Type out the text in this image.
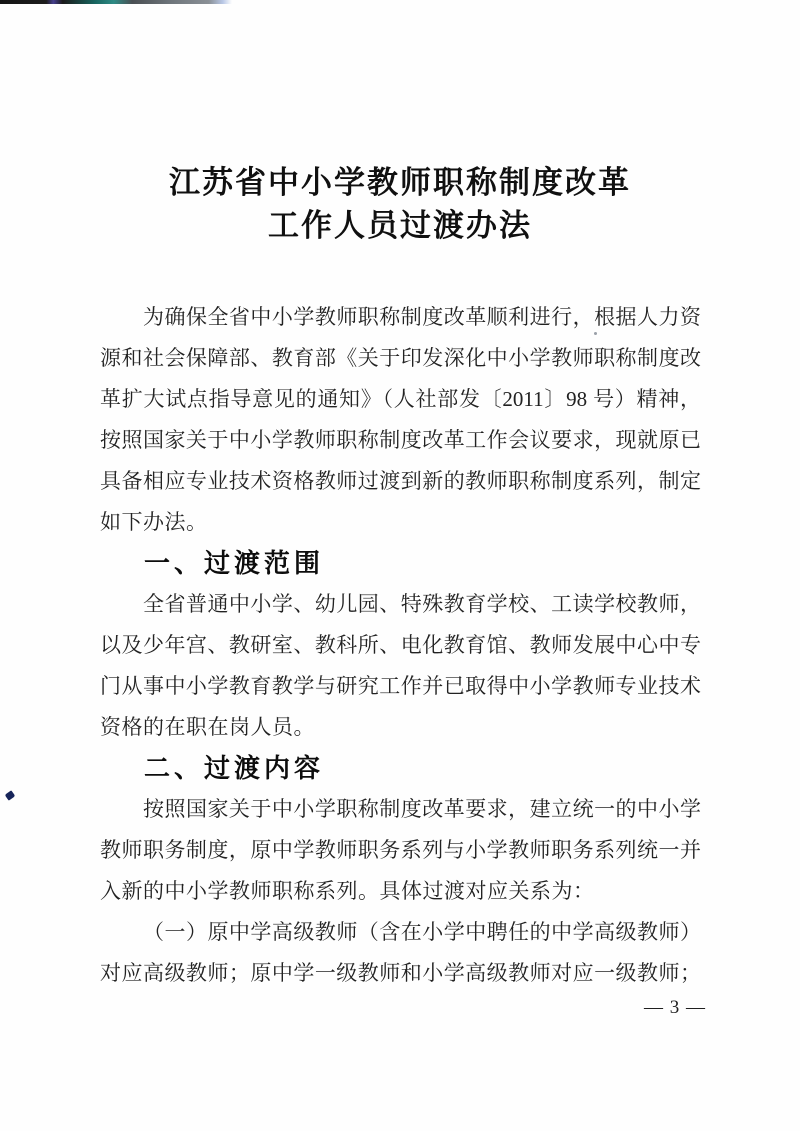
江苏省中小学教师职称制度改革
工作人员过渡办法
为确保全省中小学教师职称制度改革顺利进行，根据人力资
源和社会保障部、教育部《关于印发深化中小学教师职称制度改
革扩大试点指导意见的通知》（人社部发〔2011〕98 号）精神，
按照国家关于中小学教师职称制度改革工作会议要求，现就原已
具备相应专业技术资格教师过渡到新的教师职称制度系列，制定
如下办法。
一、过渡范围
全省普通中小学、幼儿园、特殊教育学校、工读学校教师，
以及少年宫、教研室、教科所、电化教育馆、教师发展中心中专
门从事中小学教育教学与研究工作并已取得中小学教师专业技术
资格的在职在岗人员。
二、过渡内容
按照国家关于中小学职称制度改革要求，建立统一的中小学
教师职务制度，原中学教师职务系列与小学教师职务系列统一并
入新的中小学教师职称系列。具体过渡对应关系为：
（一）原中学高级教师（含在小学中聘任的中学高级教师）
对应高级教师；原中学一级教师和小学高级教师对应一级教师；
— 3 —
